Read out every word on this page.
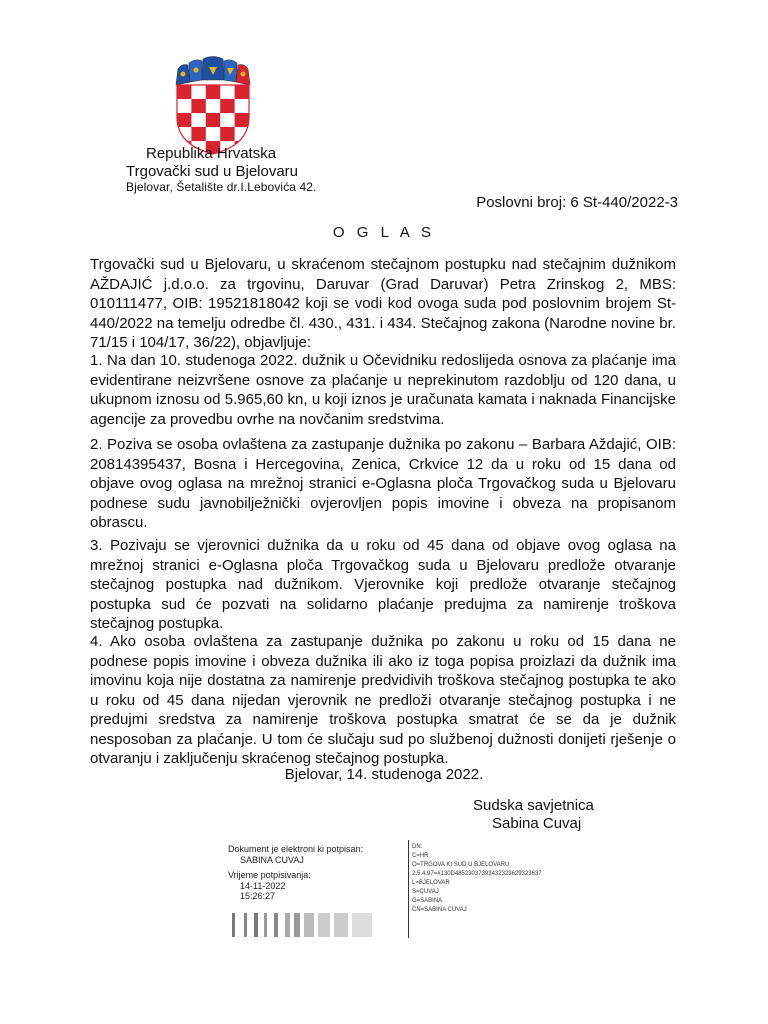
Republika Hrvatska
Trgovački sud u Bjelovaru
Bjelovar, Šetalište dr.I.Lebovića 42.
Poslovni broj: 6 St-440/2022-3
O G L A S
Trgovački sud u Bjelovaru, u skraćenom stečajnom postupku nad stečajnim dužnikom AŽDAJIĆ j.d.o.o. za trgovinu, Daruvar (Grad Daruvar) Petra Zrinskog 2, MBS: 010111477, OIB: 19521818042 koji se vodi kod ovoga suda pod poslovnim brojem St-440/2022 na temelju odredbe čl. 430., 431. i 434. Stečajnog zakona (Narodne novine br. 71/15 i 104/17, 36/22), objavljuje:
1. Na dan 10. studenoga 2022. dužnik u Očevidniku redoslijeda osnova za plaćanje ima evidentirane neizvršene osnove za plaćanje u neprekinutom razdoblju od 120 dana, u ukupnom iznosu od 5.965,60 kn, u koji iznos je uračunata kamata i naknada Financijske agencije za provedbu ovrhe na novčanim sredstvima.
2. Poziva se osoba ovlaštena za zastupanje dužnika po zakonu – Barbara Aždajić, OIB: 20814395437, Bosna i Hercegovina, Zenica, Crkvice 12 da u roku od 15 dana od objave ovog oglasa na mrežnoj stranici e-Oglasna ploča Trgovačkog suda u Bjelovaru podnese sudu javnobilježnički ovjerovljen popis imovine i obveza na propisanom obrascu.
3. Pozivaju se vjerovnici dužnika da u roku od 45 dana od objave ovog oglasa na mrežnoj stranici e-Oglasna ploča Trgovačkog suda u Bjelovaru predlože otvaranje stečajnog postupka nad dužnikom. Vjerovnike koji predlože otvaranje stečajnog postupka sud će pozvati na solidarno plaćanje predujma za namirenje troškova stečajnog postupka.
4. Ako osoba ovlaštena za zastupanje dužnika po zakonu u roku od 15 dana ne podnese popis imovine i obveza dužnika ili ako iz toga popisa proizlazi da dužnik ima imovinu koja nije dostatna za namirenje predvidivih troškova stečajnog postupka te ako u roku od 45 dana nijedan vjerovnik ne predloži otvaranje stečajnog postupka i ne predujmi sredstva za namirenje troškova postupka smatrat će se da je dužnik nesposoban za plaćanje. U tom će slučaju sud po službenoj dužnosti donijeti rješenje o otvaranju i zaključenju skraćenog stečajnog postupka.
Bjelovar, 14. studenoga 2022.
Sudska savjetnica
Sabina Cuvaj
Dokument je elektroni ki potpisan:
SABINA CUVAJ
Vrijeme potpisivanja:
14-11-2022
15:26:27
DN:
C=HR
O=TRGOVA KI SUD U BJELOVARU
2.5.4.97=#130D48523037393432323629323637
L=BJELOVAR
S=CUVAJ
G=SABINA
CN=SABINA CUVAJ
